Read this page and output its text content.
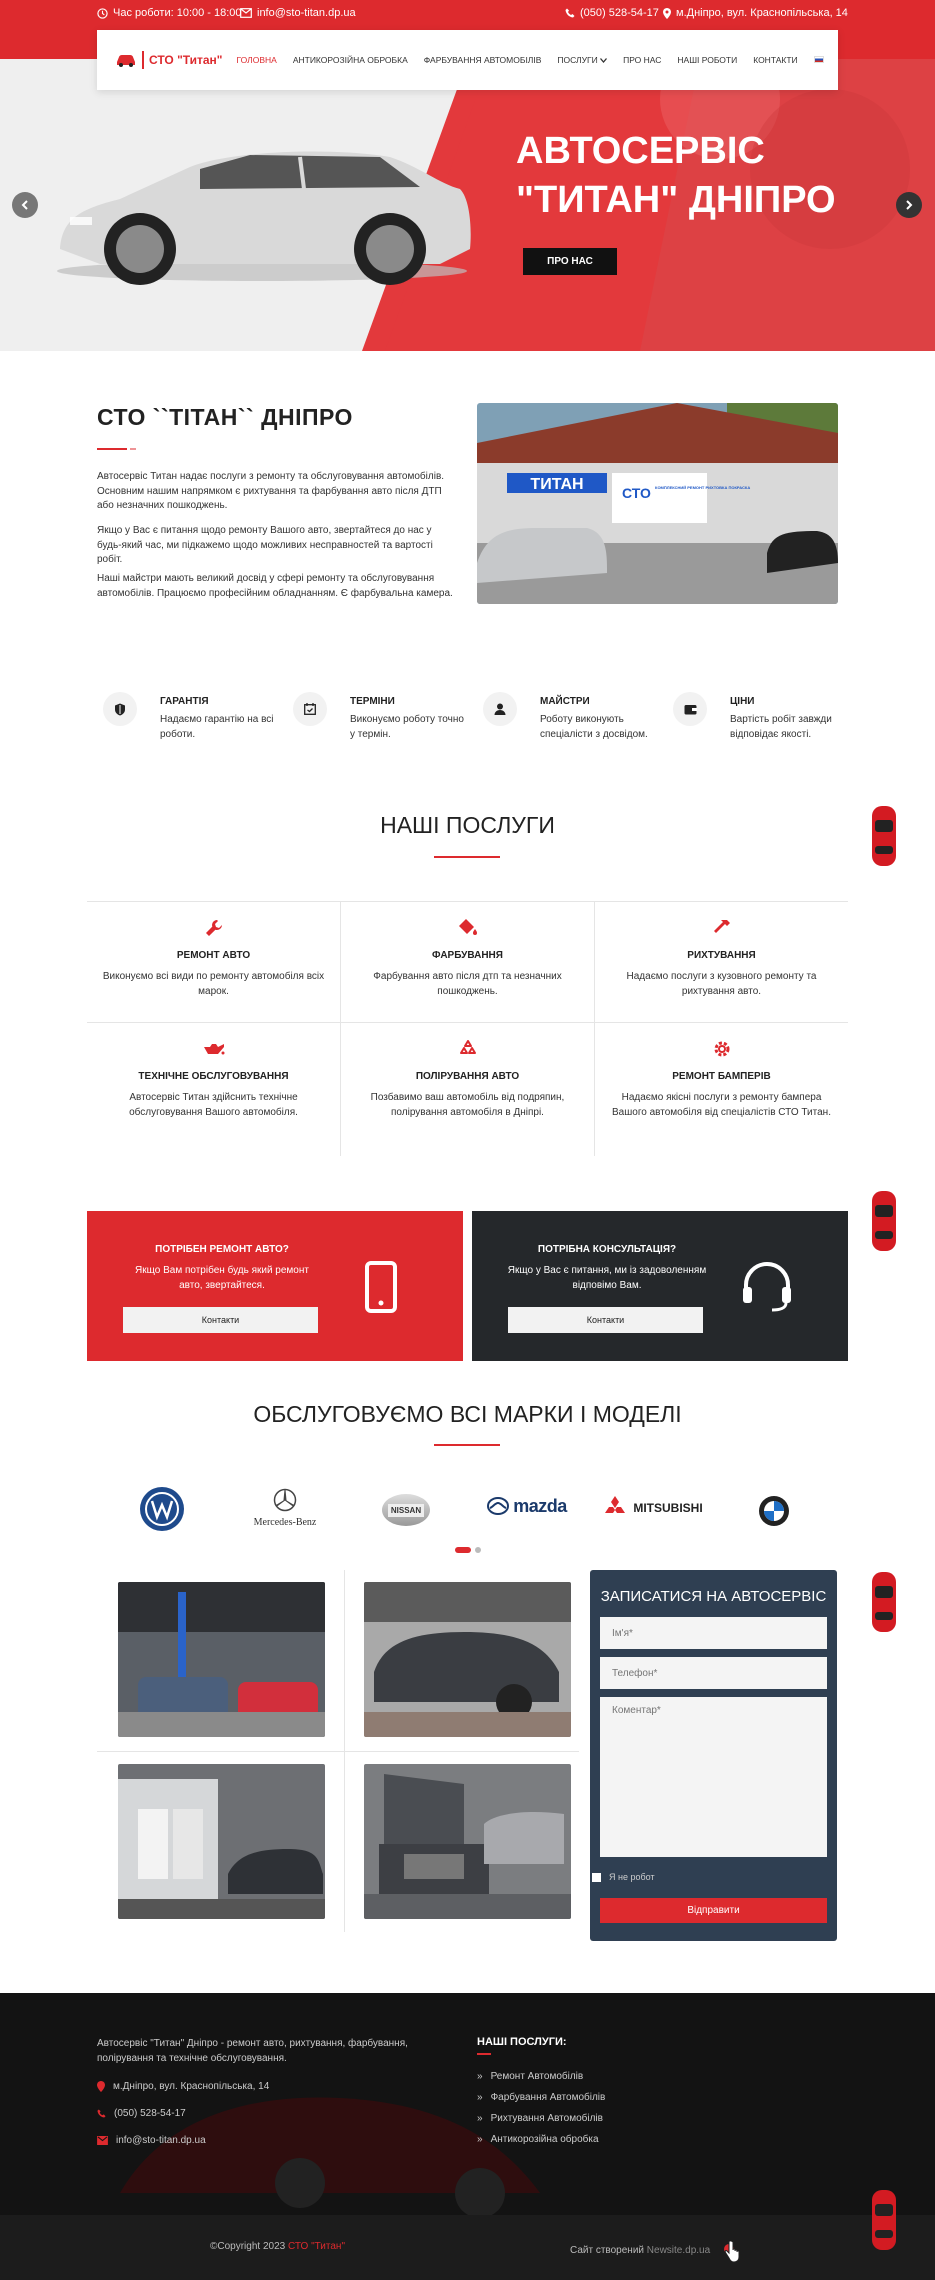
Час роботи: 10:00 - 18:00 info@sto-titan.dp.ua	(050) 528-54-17 м.Дніпро, вул. Краснопільська, 14
АВТОСЕРВІС
"ТИТАН" ДНІПРО
ПРО НАС
СТО "Титан" ГОЛОВНА АНТИКОРОЗІЙНА ОБРОБКА ФАРБУВАННЯ АВТОМОБІЛІВ ПОСЛУГИ	ПРО НАС НАШІ РОБОТИ КОНТАКТИ
СТО ``ТІТАН`` ДНІПРО
Автосервіс Титан надає послуги з ремонту та обслуговування автомобілів. Основним нашим напрямком є рихтування та фарбування авто після ДТП або незначних пошкоджень.
Якщо у Вас є питання щодо ремонту Вашого авто, звертайтеся до нас у будь-який час, ми підкажемо щодо можливих несправностей та вартості робіт.
Наші майстри мають великий досвід у сфері ремонту та обслуговування автомобілів. Працюємо професійним обладнанням. Є фарбувальна камера.
ТИТАН	СТО КОМПЛЕКСНИЙ РЕМОНТ РИХТОВКА ПОКРАСКА
ГАРАНТІЯ
Надаємо гарантію на всі роботи.
ТЕРМІНИ
Виконуємо роботу точно у термін.
МАЙСТРИ
Роботу виконують спеціалісти з досвідом.
ЦІНИ
Вартість робіт завжди відповідає якості.
НАШІ ПОСЛУГИ
РЕМОНТ АВТО
Виконуємо всі види по ремонту автомобіля всіх марок.
ФАРБУВАННЯ
Фарбування авто після дтп та незначних пошкоджень.
РИХТУВАННЯ
Надаємо послуги з кузовного ремонту та рихтування авто.
ТЕХНІЧНЕ ОБСЛУГОВУВАННЯ
Автосервіс Титан здійснить технічне обслуговування Вашого автомобіля.
ПОЛІРУВАННЯ АВТО
Позбавимо ваш автомобіль від подряпин, полірування автомобіля в Дніпрі.
РЕМОНТ БАМПЕРІВ
Надаємо якісні послуги з ремонту бампера Вашого автомобіля від спеціалістів СТО Титан.
ПОТРІБЕН РЕМОНТ АВТО?
Якщо Вам потрібен будь який ремонт авто, звертайтеся.
Контакти
ПОТРІБНА КОНСУЛЬТАЦІЯ?
Якщо у Вас є питання, ми із задоволенням відповімо Вам.
Контакти
ОБСЛУГОВУЄМО ВСІ МАРКИ І МОДЕЛІ
Mercedes-Benz
NISSAN	mazda	MITSUBISHI
ЗАПИСАТИСЯ НА АВТОСЕРВІС
Ім'я*
Телефон*
Коментар*
Я не робот
Відправити
Автосервіс "Титан" Дніпро - ремонт авто, рихтування, фарбування, полірування та технічне обслуговування.
м.Дніпро, вул. Краснопільська, 14
(050) 528-54-17
info@sto-titan.dp.ua
НАШІ ПОСЛУГИ:
» Ремонт Автомобілів
» Фарбування Автомобілів
» Рихтування Автомобілів
» Антикорозійна обробка
©Copyright 2023 СТО "Титан"	Сайт створений Newsite.dp.ua
